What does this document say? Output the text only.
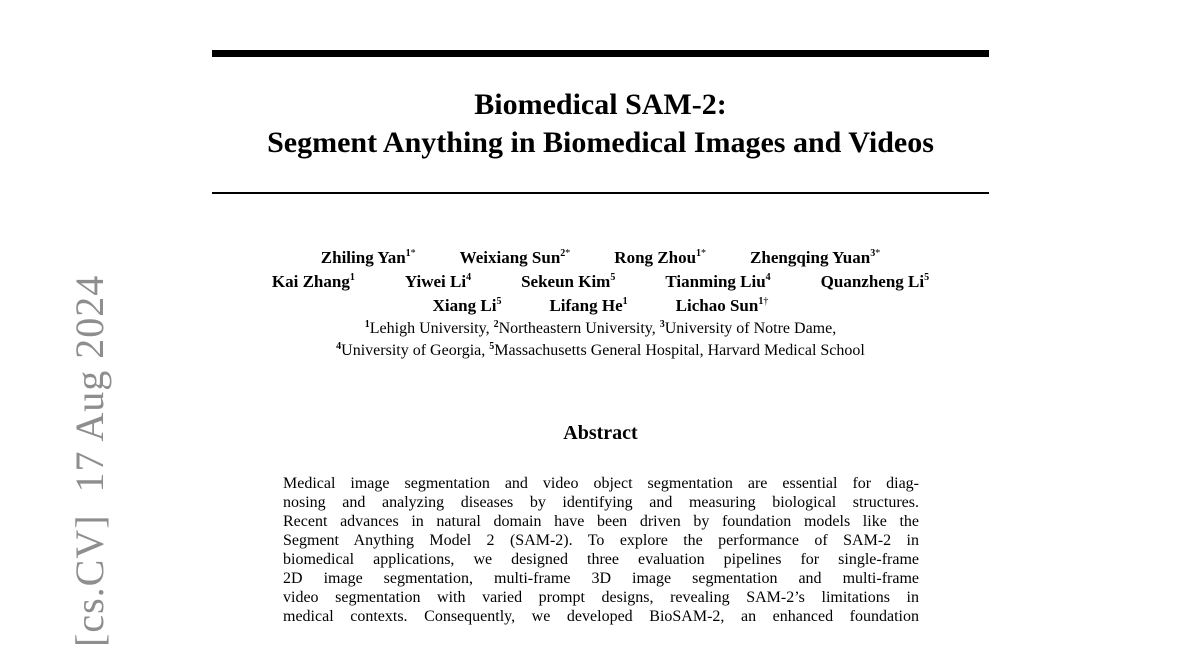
[cs.CV]17 Aug 2024
Biomedical SAM-2:
Segment Anything in Biomedical Images and Videos
Zhiling Yan$^{1*}$	Weixiang Sun$^{2*}$	Rong Zhou$^{1*}$	Zhengqing Yuan$^{3*}$
Kai Zhang$^1$	Yiwei Li$^4$	Sekeun Kim$^5$	Tianming Liu$^4$	Quanzheng Li$^5$
Xiang Li$^5$	Lifang He$^1$	Lichao Sun$^{1\dagger}$
$^1$Lehigh University, $^2$Northeastern University, $^3$University of Notre Dame,
$^4$University of Georgia, $^5$Massachusetts General Hospital, Harvard Medical School
Abstract
Medical image segmentation and video object segmentation are essential for diag-
nosing and analyzing diseases by identifying and measuring biological structures.
Recent advances in natural domain have been driven by foundation models like the
Segment Anything Model 2 (SAM-2). To explore the performance of SAM-2 in
biomedical applications, we designed three evaluation pipelines for single-frame
2D image segmentation, multi-frame 3D image segmentation and multi-frame
video segmentation with varied prompt designs, revealing SAM-2’s limitations in
medical contexts. Consequently, we developed BioSAM-2, an enhanced foundation
